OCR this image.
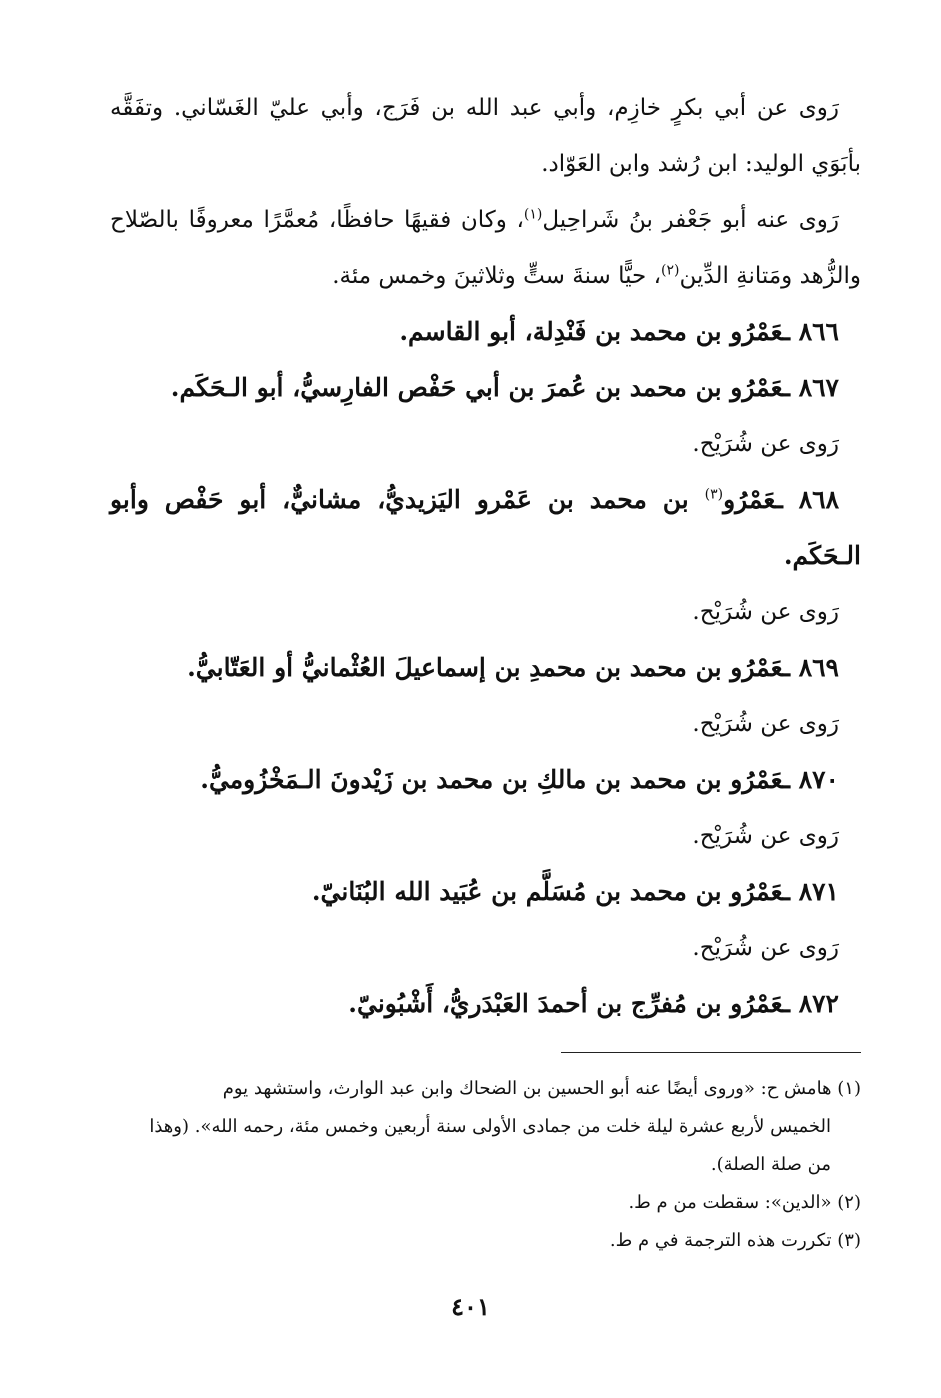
رَوى عن أبي بكرٍ خازِم، وأبي عبد الله بن فَرَج، وأبي عليّ الغَسّاني. وتفَقَّه بأبَوَي الوليد: ابن رُشد وابن العَوّاد.

رَوى عنه أبو جَعْفر بنُ شَراحِيل$^{(١)}$، وكان فقيهًا حافظًا، مُعمَّرًا معروفًا بالصّلاح والزُّهد ومَتانةِ الدِّين$^{(٢)}$، حيًّا سنةَ ستٍّ وثلاثينَ وخمس مئة.

٨٦٦ ـعَمْرُو بن محمد بن فَنْدِلة، أبو القاسم.

٨٦٧ ـعَمْرُو بن محمد بن عُمرَ بن أبي حَفْص الفارِسيُّ، أبو الـحَكَم.

رَوى عن شُرَيْح.

٨٦٨ ـعَمْرُو$^{(٣)}$ بن محمد بن عَمْرو اليَزيديُّ، مشانيٌّ، أبو حَفْص وأبو الـحَكَم.

رَوى عن شُرَيْح.

٨٦٩ ـعَمْرُو بن محمد بن محمدِ بن إسماعيلَ العُثْمانيُّ أو العَتّابيُّ.

رَوى عن شُرَيْح.

٨٧٠ ـعَمْرُو بن محمد بن مالكِ بن محمد بن زَيْدونَ الـمَخْزُوميُّ.

رَوى عن شُرَيْح.

٨٧١ ـعَمْرُو بن محمد بن مُسَلَّم بن عُبَيد الله البُنَانيّ.

رَوى عن شُرَيْح.

٨٧٢ ـعَمْرُو بن مُفرِّج بن أحمدَ العَبْدَريُّ، أَشْبُونيّ.

(١) هامش ح: «وروى أيضًا عنه أبو الحسين بن الضحاك وابن عبد الوارث، واستشهد يوم

الخميس لأربع عشرة ليلة خلت من جمادى الأولى سنة أربعين وخمس مئة، رحمه الله». (وهذا

من صلة الصلة).

(٢) «الدين»: سقطت من م ط.

(٣) تكررت هذه الترجمة في م ط.

٤٠١
